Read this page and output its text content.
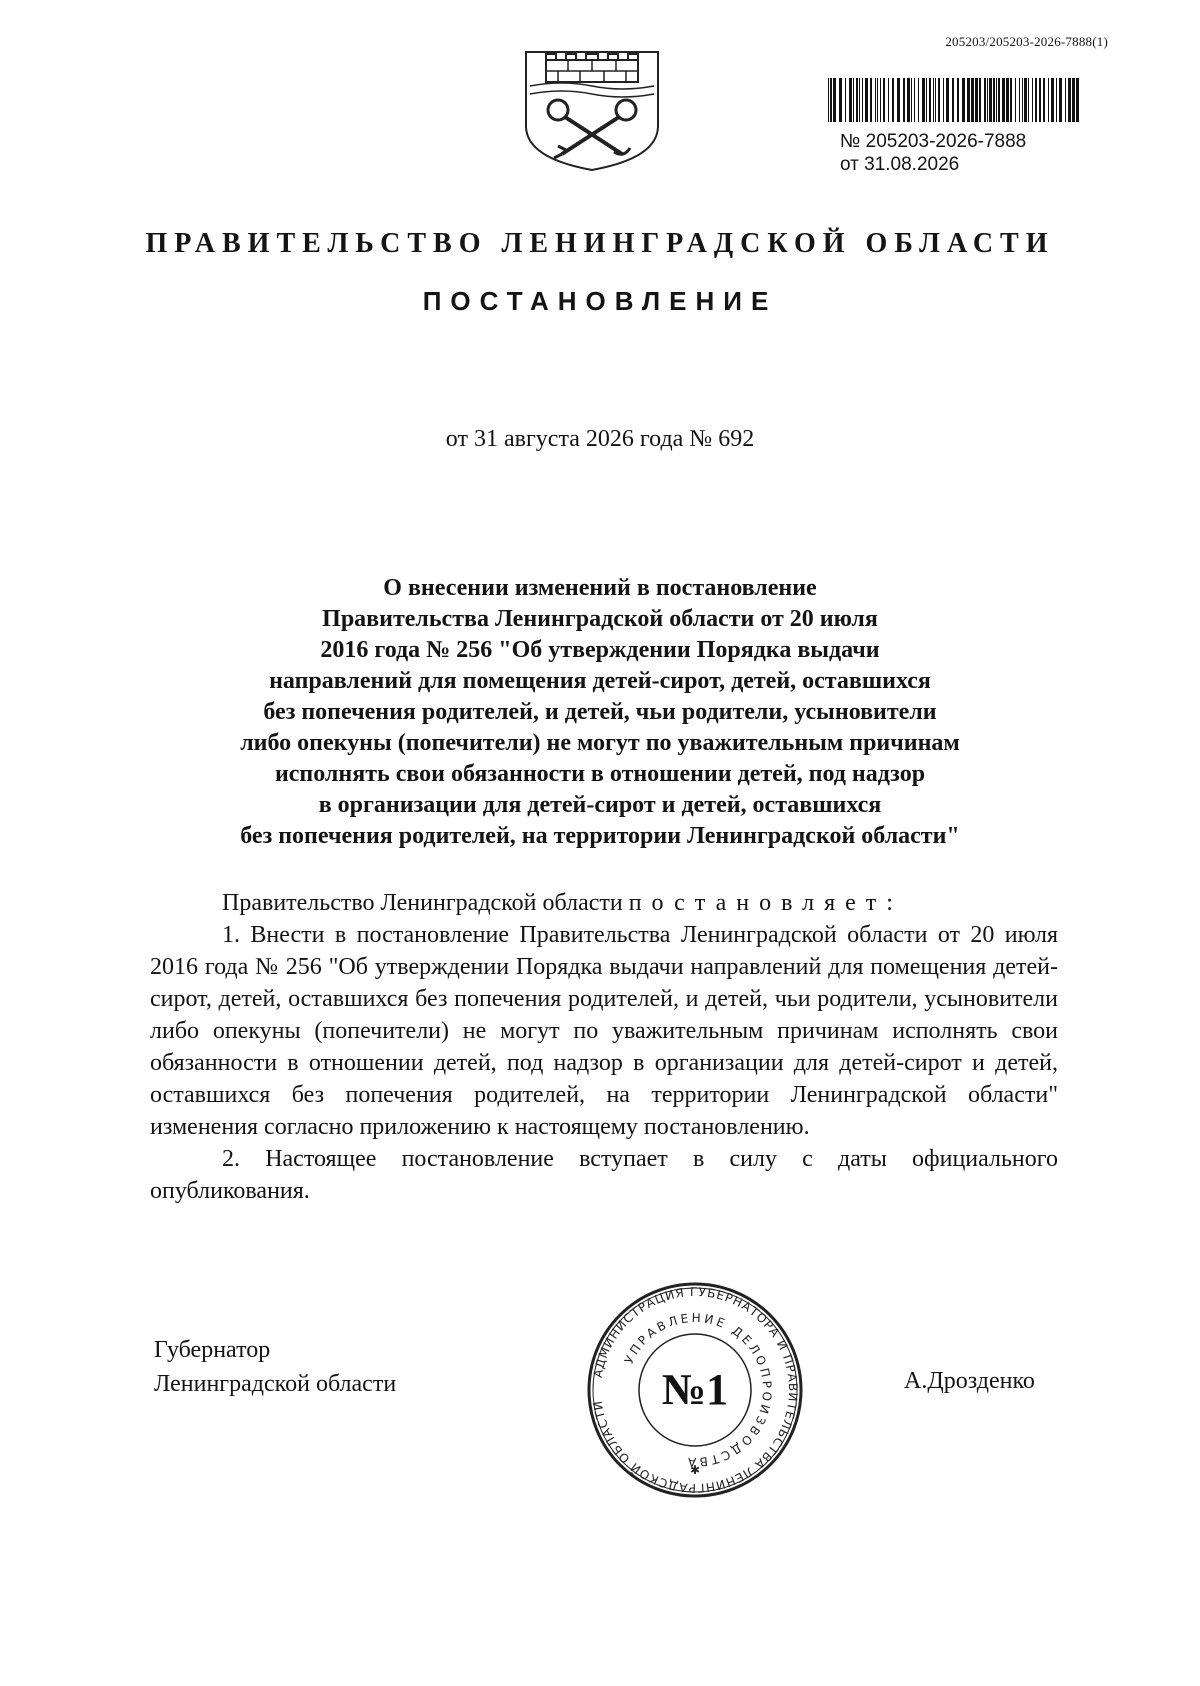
205203/205203-2026-7888(1)
№ 205203-2026-7888
от 31.08.2026
ПРАВИТЕЛЬСТВО ЛЕНИНГРАДСКОЙ ОБЛАСТИ
ПОСТАНОВЛЕНИЕ
от 31 августа 2026 года № 692
О внесении изменений в постановление
Правительства Ленинградской области от 20 июля
2016 года № 256 "Об утверждении Порядка выдачи
направлений для помещения детей-сирот, детей, оставшихся
без попечения родителей, и детей, чьи родители, усыновители
либо опекуны (попечители) не могут по уважительным причинам
исполнять свои обязанности в отношении детей, под надзор
в организации для детей-сирот и детей, оставшихся
без попечения родителей, на территории Ленинградской области"
Правительство Ленинградской области постановляет:
1. Внести в постановление Правительства Ленинградской области от 20 июля 2016 года № 256 "Об утверждении Порядка выдачи направлений для помещения детей-сирот, детей, оставшихся без попечения родителей, и детей, чьи родители, усыновители либо опекуны (попечители) не могут по уважительным причинам исполнять свои обязанности в отношении детей, под надзор в организации для детей-сирот и детей, оставшихся без попечения родителей, на территории Ленинградской области" изменения согласно приложению к настоящему постановлению.
2. Настоящее постановление вступает в силу с даты официального опубликования.
Губернатор
Ленинградской области	АДМИНИСТРАЦИЯ ГУБЕРНАТОРА И ПРАВИТЕЛЬСТВА ЛЕНИНГРАДСКОЙ ОБЛАСТИ
УПРАВЛЕНИЕ ДЕЛОПРОИЗВОДСТВА
№1
✱
А.Дрозденко
